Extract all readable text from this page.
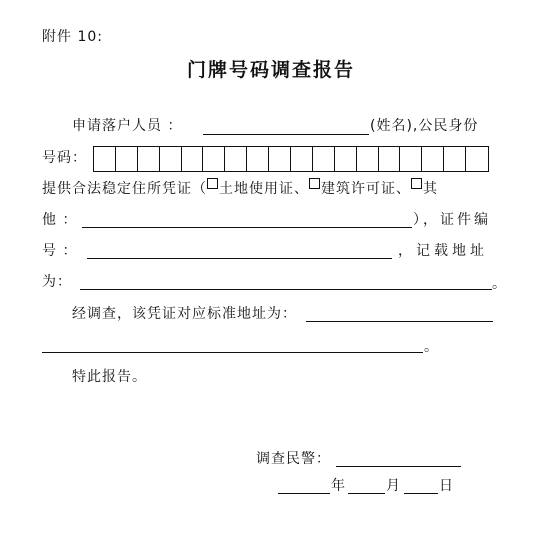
附件 10:
门牌号码调查报告
申请落户人员 ：	(姓名),公民身份
号码：
提供合法稳定住所凭证（ 土地使用证、 建筑许可证、 其
他 ：	），证件编
号 ：	，记载地址
为：	。
经调查，该凭证对应标准地址为：
。
特此报告。
调查民警：
年	月	日
